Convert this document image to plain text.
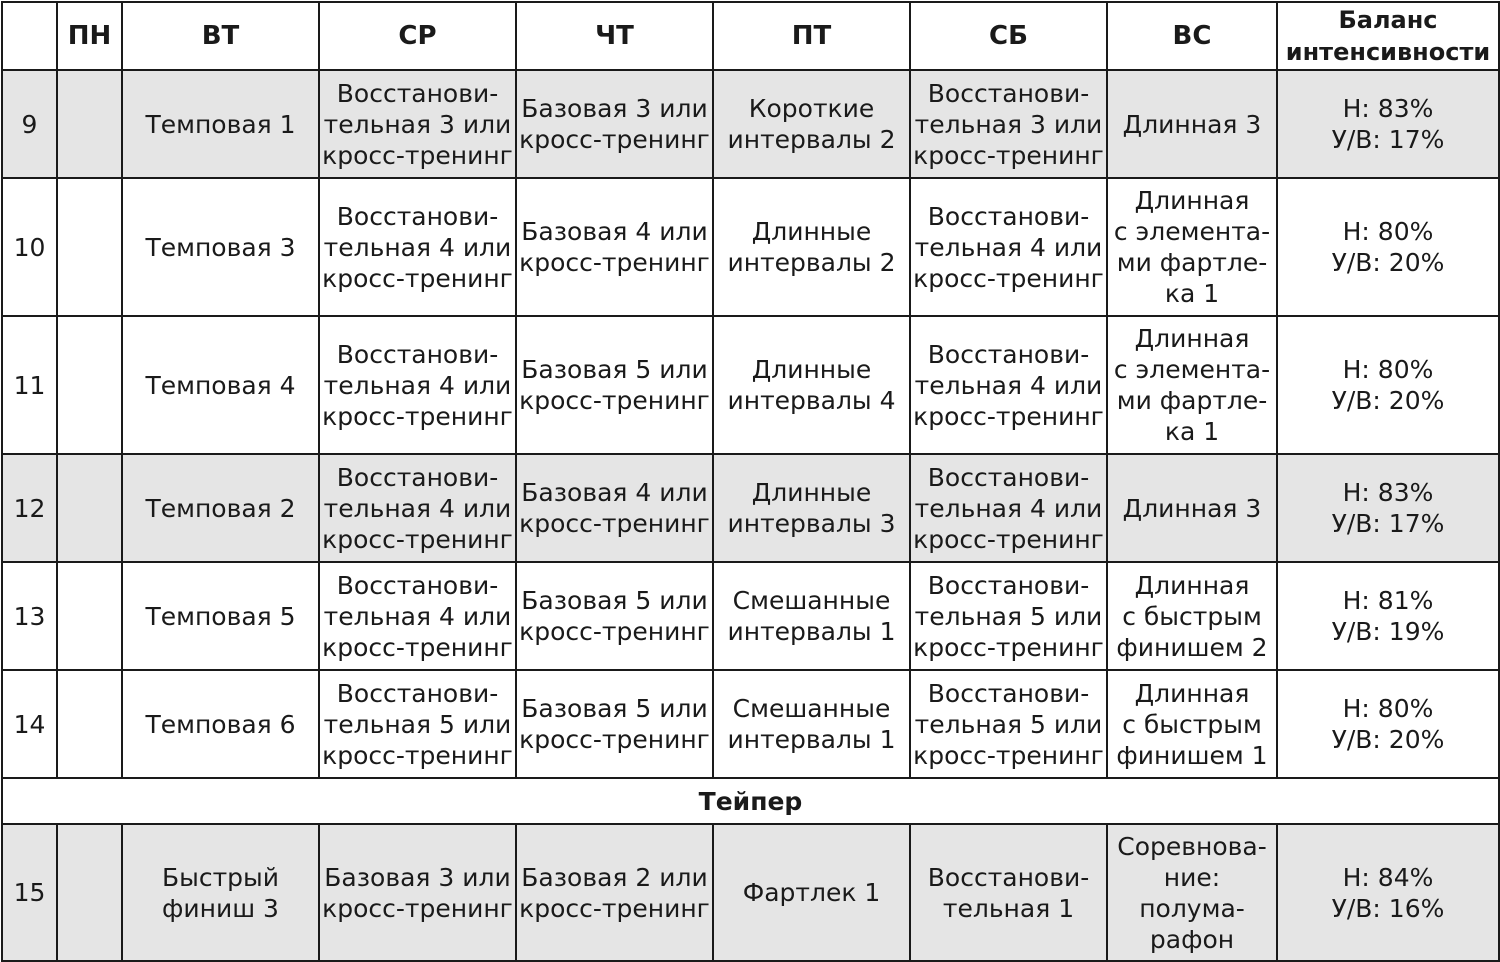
	ПН	ВТ	СР	ЧТ	ПТ	СБ	ВС	Баланс
интенсивности
9		Темповая 1	Восстанови-
тельная 3 или
кросс-тренинг	Базовая 3 или
кросс-тренинг	Короткие
интервалы 2	Восстанови-
тельная 3 или
кросс-тренинг	Длинная 3	Н: 83%
У/В: 17%
10		Темповая 3	Восстанови-
тельная 4 или
кросс-тренинг	Базовая 4 или
кросс-тренинг	Длинные
интервалы 2	Восстанови-
тельная 4 или
кросс-тренинг	Длинная
с элемента-
ми фартле-
ка 1	Н: 80%
У/В: 20%
11		Темповая 4	Восстанови-
тельная 4 или
кросс-тренинг	Базовая 5 или
кросс-тренинг	Длинные
интервалы 4	Восстанови-
тельная 4 или
кросс-тренинг	Длинная
с элемента-
ми фартле-
ка 1	Н: 80%
У/В: 20%
12		Темповая 2	Восстанови-
тельная 4 или
кросс-тренинг	Базовая 4 или
кросс-тренинг	Длинные
интервалы 3	Восстанови-
тельная 4 или
кросс-тренинг	Длинная 3	Н: 83%
У/В: 17%
13		Темповая 5	Восстанови-
тельная 4 или
кросс-тренинг	Базовая 5 или
кросс-тренинг	Смешанные
интервалы 1	Восстанови-
тельная 5 или
кросс-тренинг	Длинная
с быстрым
финишем 2	Н: 81%
У/В: 19%
14		Темповая 6	Восстанови-
тельная 5 или
кросс-тренинг	Базовая 5 или
кросс-тренинг	Смешанные
интервалы 1	Восстанови-
тельная 5 или
кросс-тренинг	Длинная
с быстрым
финишем 1	Н: 80%
У/В: 20%
Тейпер								
15		Быстрый
финиш 3	Базовая 3 или
кросс-тренинг	Базовая 2 или
кросс-тренинг	Фартлек 1	Восстанови-
тельная 1	Соревнова-
ние: полума-
рафон	Н: 84%
У/В: 16%
